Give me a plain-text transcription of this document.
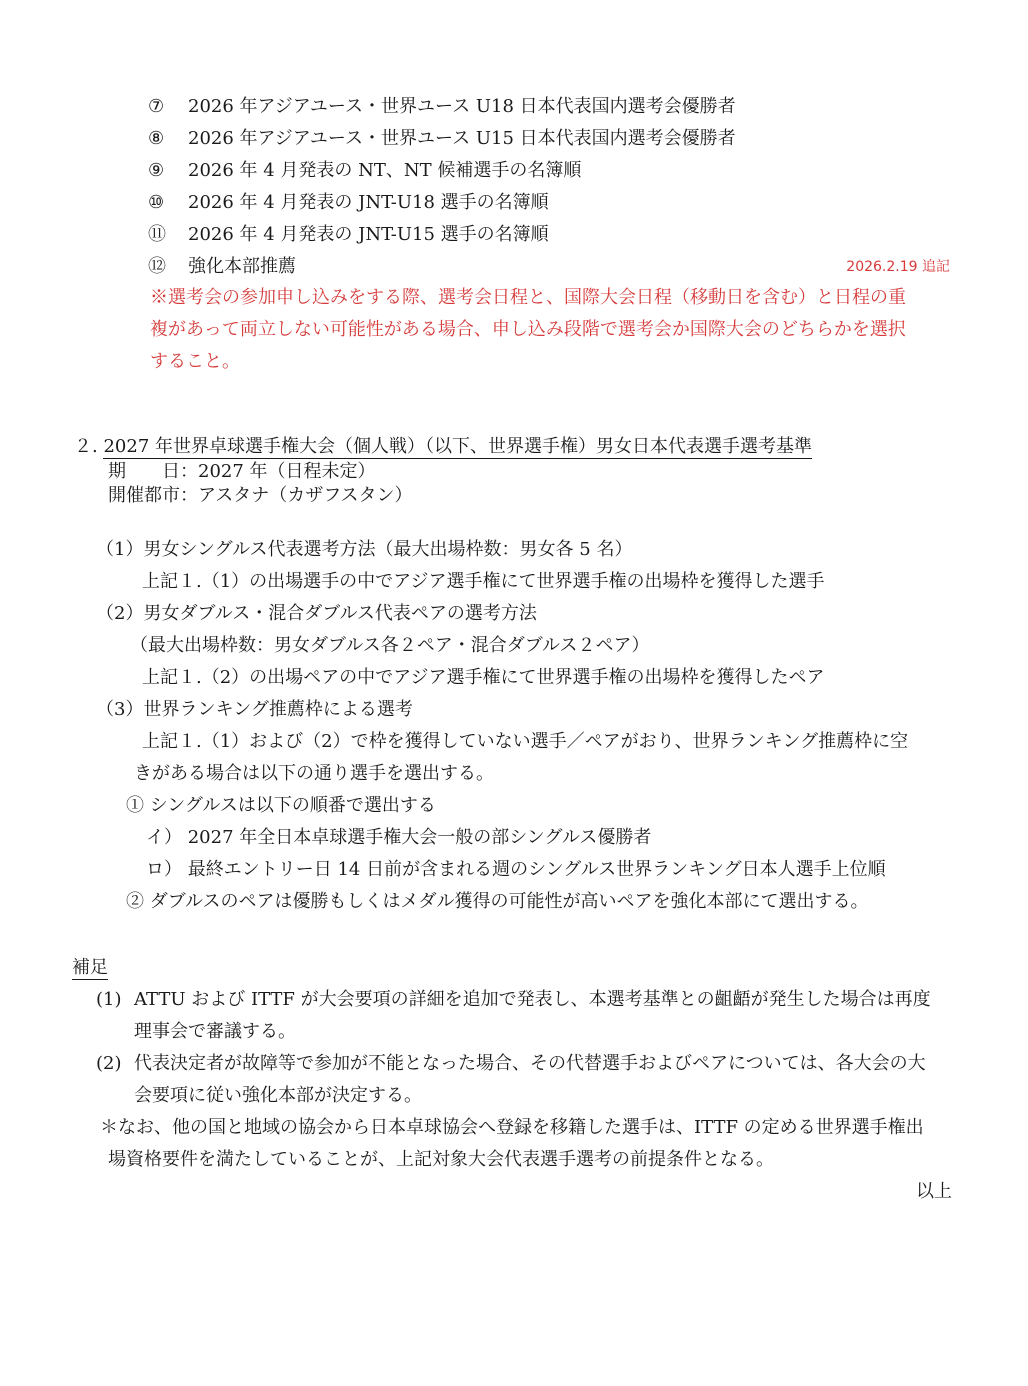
⑦ 2026 年アジアユース・世界ユース U18 日本代表国内選考会優勝者
⑧ 2026 年アジアユース・世界ユース U15 日本代表国内選考会優勝者
⑨ 2026 年 4 月発表の NT、NT 候補選手の名簿順
⑩ 2026 年 4 月発表の JNT-U18 選手の名簿順
⑪ 2026 年 4 月発表の JNT-U15 選手の名簿順
⑫ 強化本部推薦	2026.2.19 追記
※選考会の参加申し込みをする際、選考会日程と、国際大会日程（移動日を含む）と日程の重
複があって両立しない可能性がある場合、申し込み段階で選考会か国際大会のどちらかを選択
すること。
２. 2027 年世界卓球選手権大会（個人戦）（以下、世界選手権）男女日本代表選手選考基準
期　　日：2027 年（日程未定）
開催都市：アスタナ（カザフスタン）
（1）男女シングルス代表選考方法（最大出場枠数：男女各 5 名）
上記１.（1）の出場選手の中でアジア選手権にて世界選手権の出場枠を獲得した選手
（2）男女ダブルス・混合ダブルス代表ペアの選考方法
（最大出場枠数：男女ダブルス各２ペア・混合ダブルス２ペア）
上記１.（2）の出場ペアの中でアジア選手権にて世界選手権の出場枠を獲得したペア
（3）世界ランキング推薦枠による選考
上記１.（1）および（2）で枠を獲得していない選手／ペアがおり、世界ランキング推薦枠に空
きがある場合は以下の通り選手を選出する。
① シングルスは以下の順番で選出する
イ） 2027 年全日本卓球選手権大会一般の部シングルス優勝者
ロ） 最終エントリー日 14 日前が含まれる週のシングルス世界ランキング日本人選手上位順
② ダブルスのペアは優勝もしくはメダル獲得の可能性が高いペアを強化本部にて選出する。
補足
(1) ATTU および ITTF が大会要項の詳細を追加で発表し、本選考基準との齟齬が発生した場合は再度
理事会で審議する。
(2) 代表決定者が故障等で参加が不能となった場合、その代替選手およびペアについては、各大会の大
会要項に従い強化本部が決定する。
＊なお、他の国と地域の協会から日本卓球協会へ登録を移籍した選手は、ITTF の定める世界選手権出
場資格要件を満たしていることが、上記対象大会代表選手選考の前提条件となる。
以上
